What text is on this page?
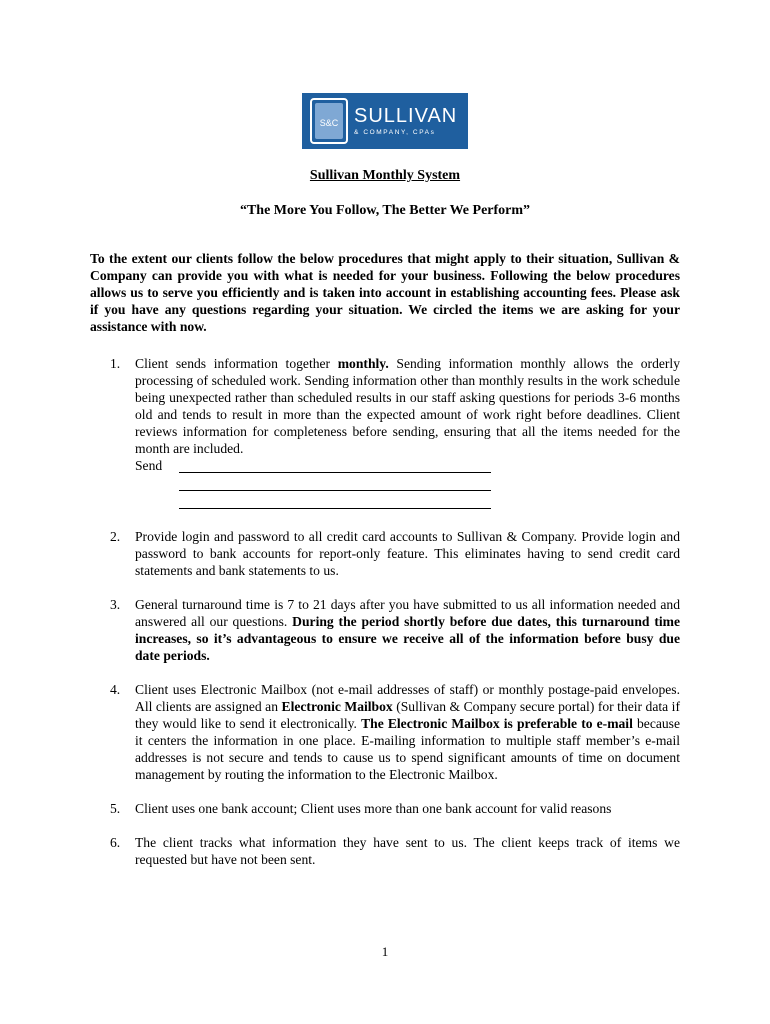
S&C SULLIVAN
& COMPANY, CPAs
Sullivan Monthly System
“The More You Follow, The Better We Perform”
To the extent our clients follow the below procedures that might apply to their situation, Sullivan & Company can provide you with what is needed for your business. Following the below procedures allows us to serve you efficiently and is taken into account in establishing accounting fees. Please ask if you have any questions regarding your situation. We circled the items we are asking for your assistance with now.
1. Client sends information together monthly. Sending information monthly allows the orderly processing of scheduled work. Sending information other than monthly results in the work schedule being unexpected rather than scheduled results in our staff asking questions for periods 3-6 months old and tends to result in more than the expected amount of work right before deadlines. Client reviews information for completeness before sending, ensuring that all the items needed for the month are included.
Send
2. Provide login and password to all credit card accounts to Sullivan & Company. Provide login and password to bank accounts for report-only feature. This eliminates having to send credit card statements and bank statements to us.
3. General turnaround time is 7 to 21 days after you have submitted to us all information needed and answered all our questions. During the period shortly before due dates, this turnaround time increases, so it’s advantageous to ensure we receive all of the information before busy due date periods.
4. Client uses Electronic Mailbox (not e-mail addresses of staff) or monthly postage-paid envelopes. All clients are assigned an Electronic Mailbox (Sullivan & Company secure portal) for their data if they would like to send it electronically. The Electronic Mailbox is preferable to e-mail because it centers the information in one place. E-mailing information to multiple staff member’s e-mail addresses is not secure and tends to cause us to spend significant amounts of time on document management by routing the information to the Electronic Mailbox.
5. Client uses one bank account; Client uses more than one bank account for valid reasons
6. The client tracks what information they have sent to us. The client keeps track of items we requested but have not been sent.
1
